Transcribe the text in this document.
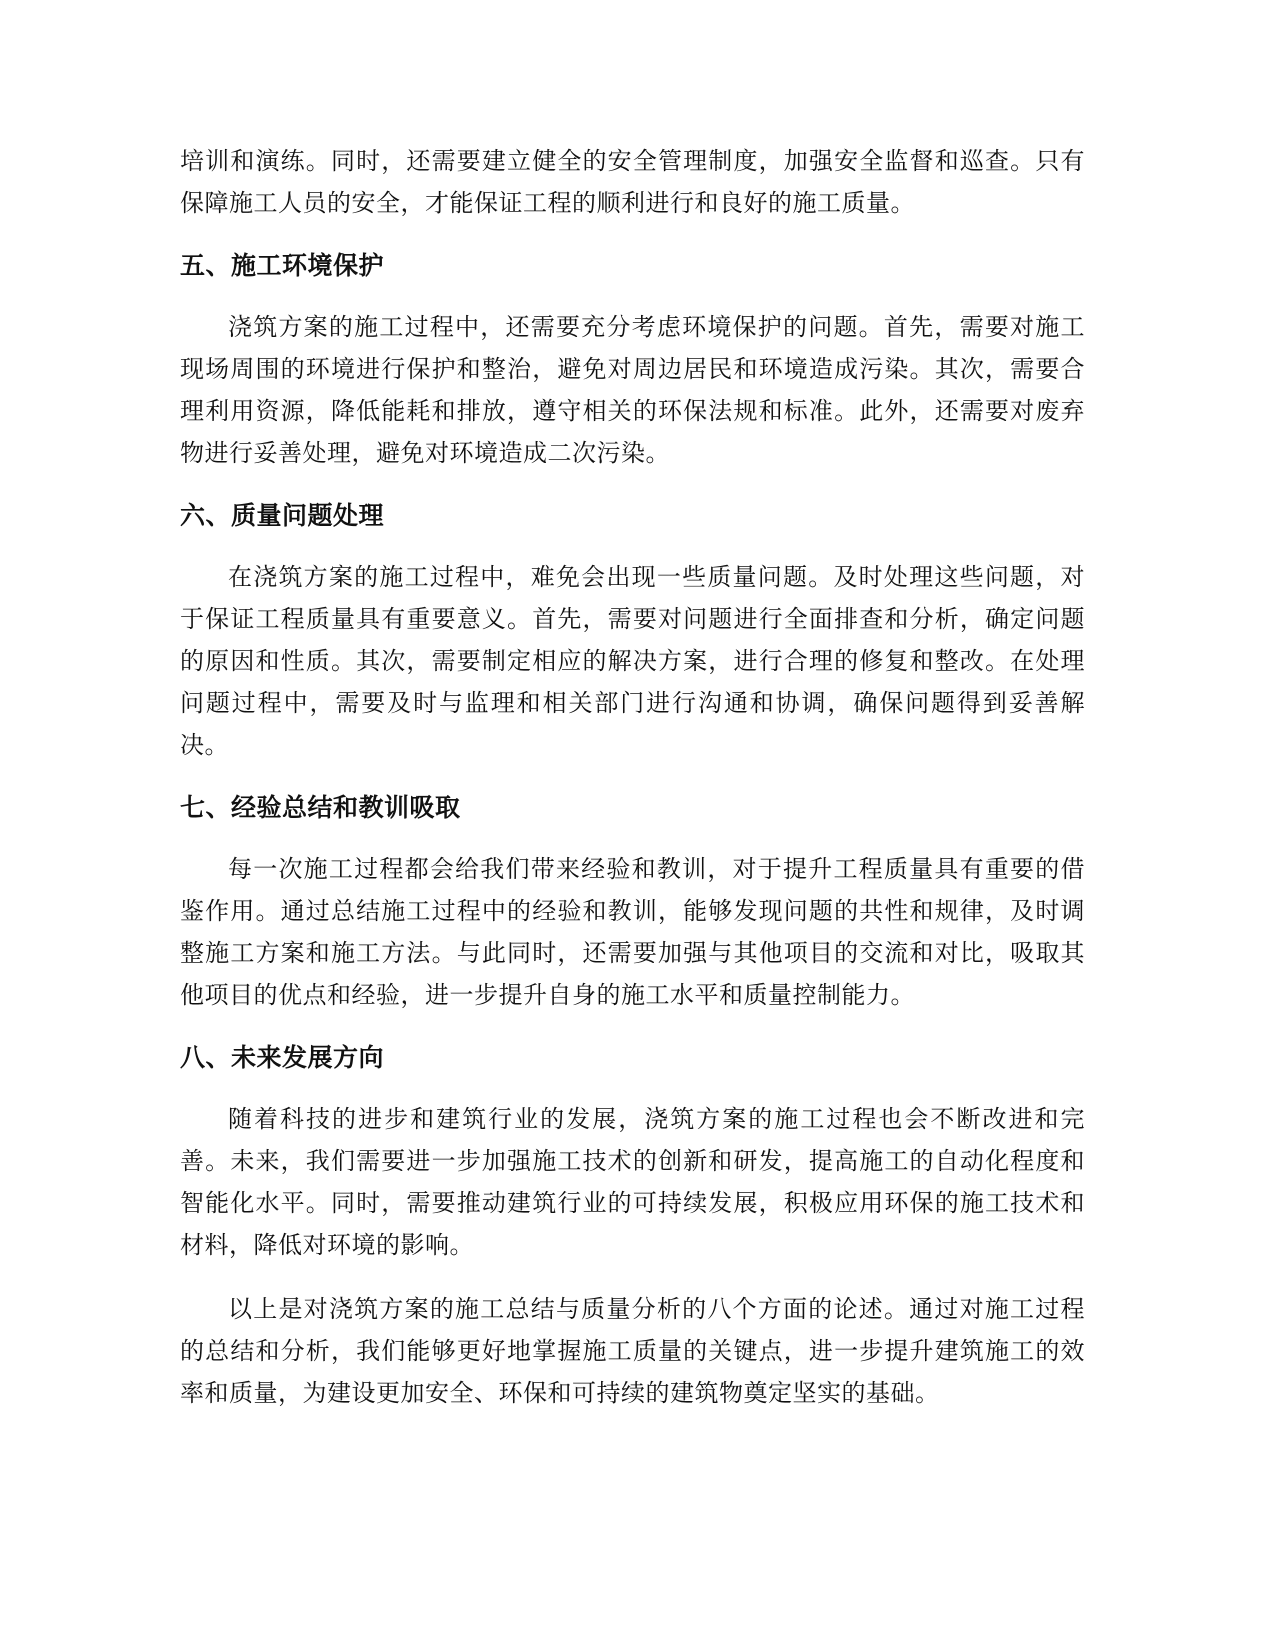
培训和演练。同时，还需要建立健全的安全管理制度，加强安全监督和巡查。只有保障施工人员的安全，才能保证工程的顺利进行和良好的施工质量。

五、施工环境保护

浇筑方案的施工过程中，还需要充分考虑环境保护的问题。首先，需要对施工现场周围的环境进行保护和整治，避免对周边居民和环境造成污染。其次，需要合理利用资源，降低能耗和排放，遵守相关的环保法规和标准。此外，还需要对废弃物进行妥善处理，避免对环境造成二次污染。

六、质量问题处理

在浇筑方案的施工过程中，难免会出现一些质量问题。及时处理这些问题，对于保证工程质量具有重要意义。首先，需要对问题进行全面排查和分析，确定问题的原因和性质。其次，需要制定相应的解决方案，进行合理的修复和整改。在处理问题过程中，需要及时与监理和相关部门进行沟通和协调，确保问题得到妥善解决。

七、经验总结和教训吸取

每一次施工过程都会给我们带来经验和教训，对于提升工程质量具有重要的借鉴作用。通过总结施工过程中的经验和教训，能够发现问题的共性和规律，及时调整施工方案和施工方法。与此同时，还需要加强与其他项目的交流和对比，吸取其他项目的优点和经验，进一步提升自身的施工水平和质量控制能力。

八、未来发展方向

随着科技的进步和建筑行业的发展，浇筑方案的施工过程也会不断改进和完善。未来，我们需要进一步加强施工技术的创新和研发，提高施工的自动化程度和智能化水平。同时，需要推动建筑行业的可持续发展，积极应用环保的施工技术和材料，降低对环境的影响。

以上是对浇筑方案的施工总结与质量分析的八个方面的论述。通过对施工过程的总结和分析，我们能够更好地掌握施工质量的关键点，进一步提升建筑施工的效率和质量，为建设更加安全、环保和可持续的建筑物奠定坚实的基础。
